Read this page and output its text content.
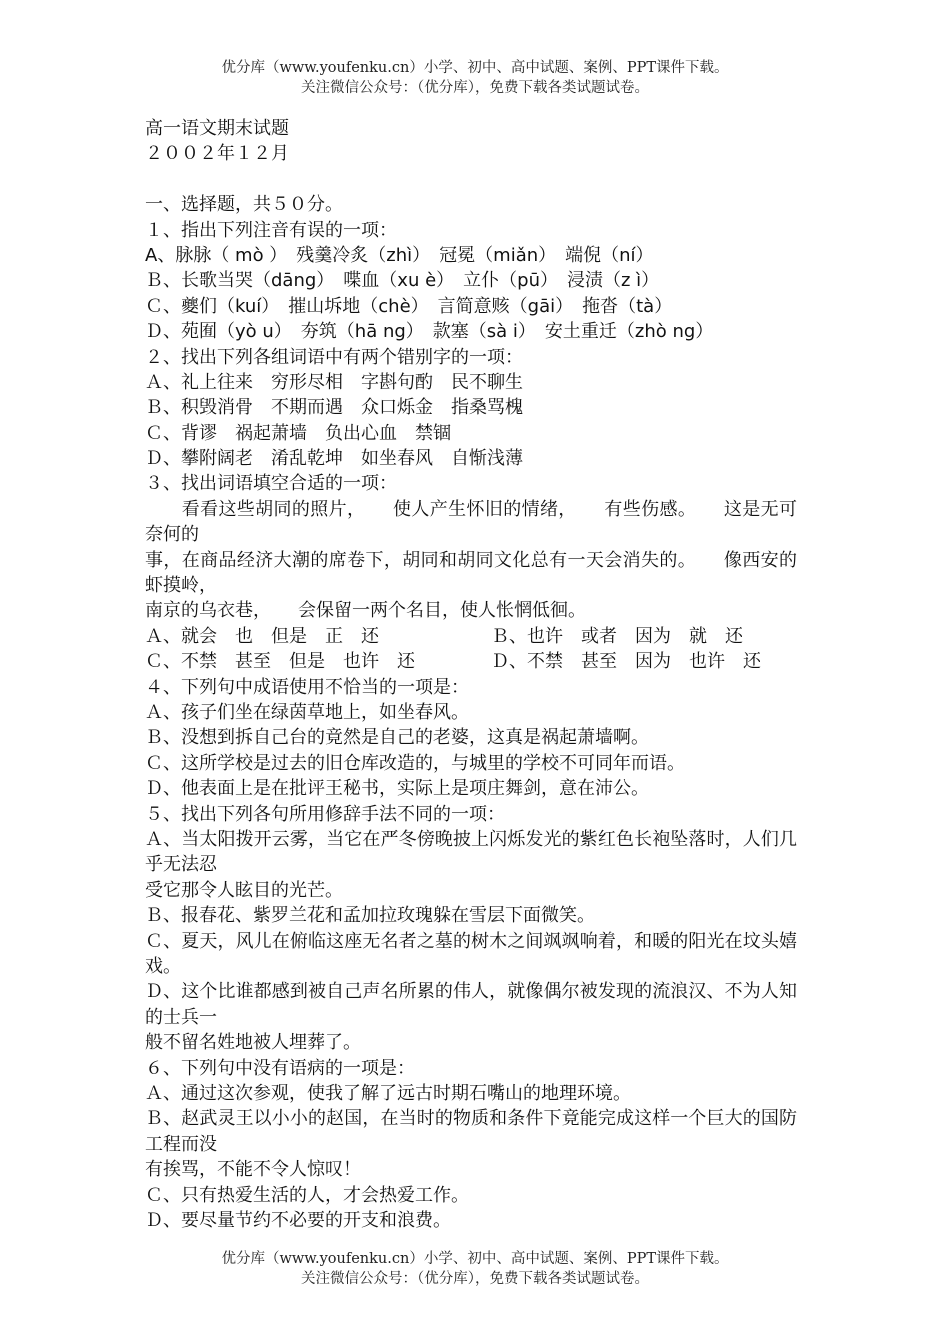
优分库（www.youfenku.cn）小学、初中、高中试题、案例、PPT课件下载。
关注微信公众号：（优分库），免费下载各类试题试卷。
高一语文期末试题
２００２年１２月
一、选择题，共５０分。
１、指出下列注音有误的一项：
A、脉脉（ mò ）　残羹冷炙（zhì）　冠冕（miǎn）　端倪（ní）
Ｂ、长歌当哭（dāng）　喋血（xu è）　立仆（pū）　浸渍（z ì）
Ｃ、夔们（kuí）　摧山坼地（chè）　言简意赅（gāi）　拖沓（tà）
Ｄ、苑囿（yò u）　夯筑（hā ng）　款塞（sà i）　安土重迁（zhò ng）
２、找出下列各组词语中有两个错别字的一项：
Ａ、礼上往来　穷形尽相　字斟句酌　民不聊生
Ｂ、积毁消骨　不期而遇　众口烁金　指桑骂槐
Ｃ、背谬　祸起萧墙　负出心血　禁锢
Ｄ、攀附阔老　淆乱乾坤　如坐春风　自惭浅薄
３、找出词语填空合适的一项：
　　看看这些胡同的照片，　　使人产生怀旧的情绪，　　有些伤感。　　这是无可奈何的
事，在商品经济大潮的席卷下，胡同和胡同文化总有一天会消失的。　　像西安的虾摸岭，
南京的乌衣巷，　　会保留一两个名目，使人怅惘低徊。
Ａ、就会　也　但是　正　还	Ｂ、也许　或者　因为　就　还
Ｃ、不禁　甚至　但是　也许　还	Ｄ、不禁　甚至　因为　也许　还
４、下列句中成语使用不恰当的一项是：
Ａ、孩子们坐在绿茵草地上，如坐春风。
Ｂ、没想到拆自己台的竟然是自己的老婆，这真是祸起萧墙啊。
Ｃ、这所学校是过去的旧仓库改造的，与城里的学校不可同年而语。
Ｄ、他表面上是在批评王秘书，实际上是项庄舞剑，意在沛公。
５、找出下列各句所用修辞手法不同的一项：
Ａ、当太阳拨开云雾，当它在严冬傍晚披上闪烁发光的紫红色长袍坠落时，人们几乎无法忍
受它那令人眩目的光芒。
Ｂ、报春花、紫罗兰花和孟加拉玫瑰躲在雪层下面微笑。
Ｃ、夏天，风儿在俯临这座无名者之墓的树木之间飒飒响着，和暖的阳光在坟头嬉戏。
Ｄ、这个比谁都感到被自己声名所累的伟人，就像偶尔被发现的流浪汉、不为人知的士兵一
般不留名姓地被人埋葬了。
６、下列句中没有语病的一项是：
Ａ、通过这次参观，使我了解了远古时期石嘴山的地理环境。
Ｂ、赵武灵王以小小的赵国，在当时的物质和条件下竟能完成这样一个巨大的国防工程而没
有挨骂，不能不令人惊叹！
Ｃ、只有热爱生活的人，才会热爱工作。
Ｄ、要尽量节约不必要的开支和浪费。
优分库（www.youfenku.cn）小学、初中、高中试题、案例、PPT课件下载。
关注微信公众号：（优分库），免费下载各类试题试卷。
